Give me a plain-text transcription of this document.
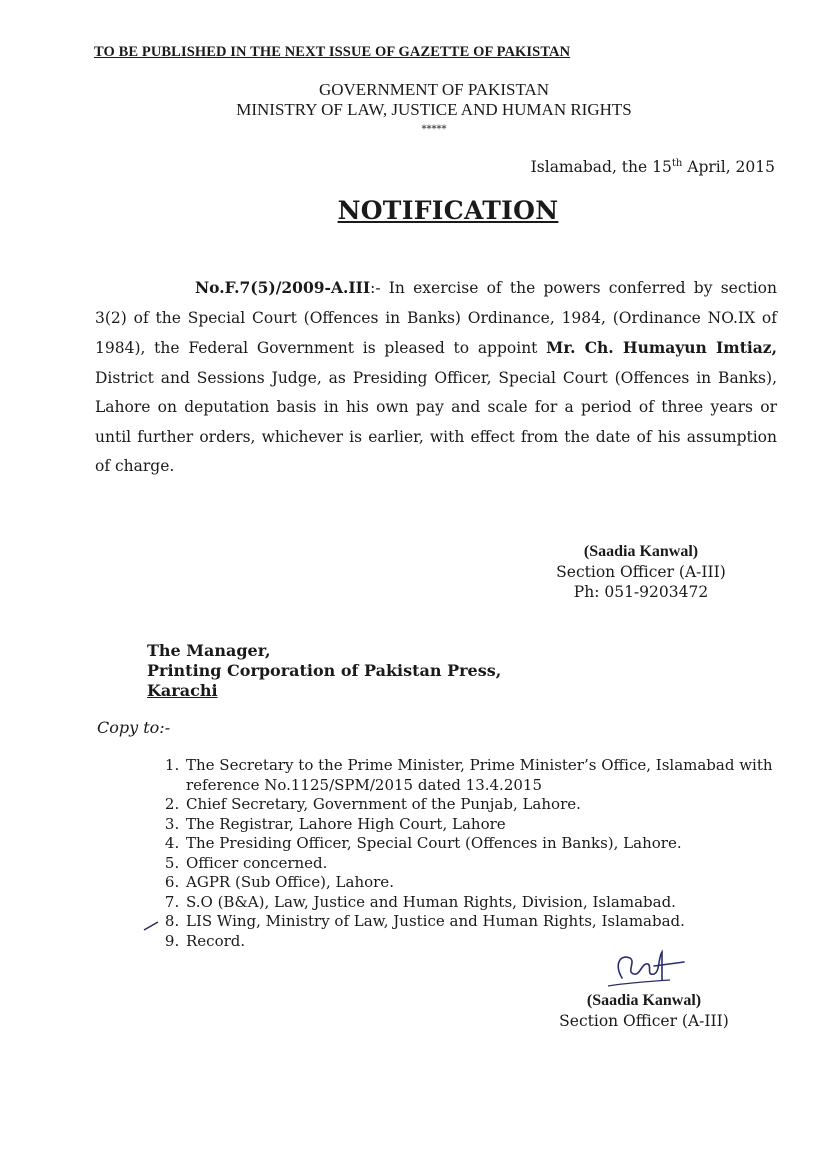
TO BE PUBLISHED IN THE NEXT ISSUE OF GAZETTE OF PAKISTAN
GOVERNMENT OF PAKISTAN
MINISTRY OF LAW, JUSTICE AND HUMAN RIGHTS
*****
Islamabad, the 15th April, 2015
NOTIFICATION
No.F.7(5)/2009-A.III:- In exercise of the powers conferred by section 3(2) of the Special Court (Offences in Banks) Ordinance, 1984, (Ordinance NO.IX of 1984), the Federal Government is pleased to appoint Mr. Ch. Humayun Imtiaz, District and Sessions Judge, as Presiding Officer, Special Court (Offences in Banks), Lahore on deputation basis in his own pay and scale for a period of three years or until further orders, whichever is earlier, with effect from the date of his assumption of charge.
(Saadia Kanwal)
Section Officer (A-III)
Ph: 051-9203472
The Manager,
Printing Corporation of Pakistan Press,
Karachi
Copy to:-
1. The Secretary to the Prime Minister, Prime Minister’s Office, Islamabad with reference No.1125/SPM/2015 dated 13.4.2015
2. Chief Secretary, Government of the Punjab, Lahore.
3. The Registrar, Lahore High Court, Lahore
4. The Presiding Officer, Special Court (Offences in Banks), Lahore.
5. Officer concerned.
6. AGPR (Sub Office), Lahore.
7. S.O (B&A), Law, Justice and Human Rights, Division, Islamabad.
8. LIS Wing, Ministry of Law, Justice and Human Rights, Islamabad.
9. Record.
(Saadia Kanwal)
Section Officer (A-III)
